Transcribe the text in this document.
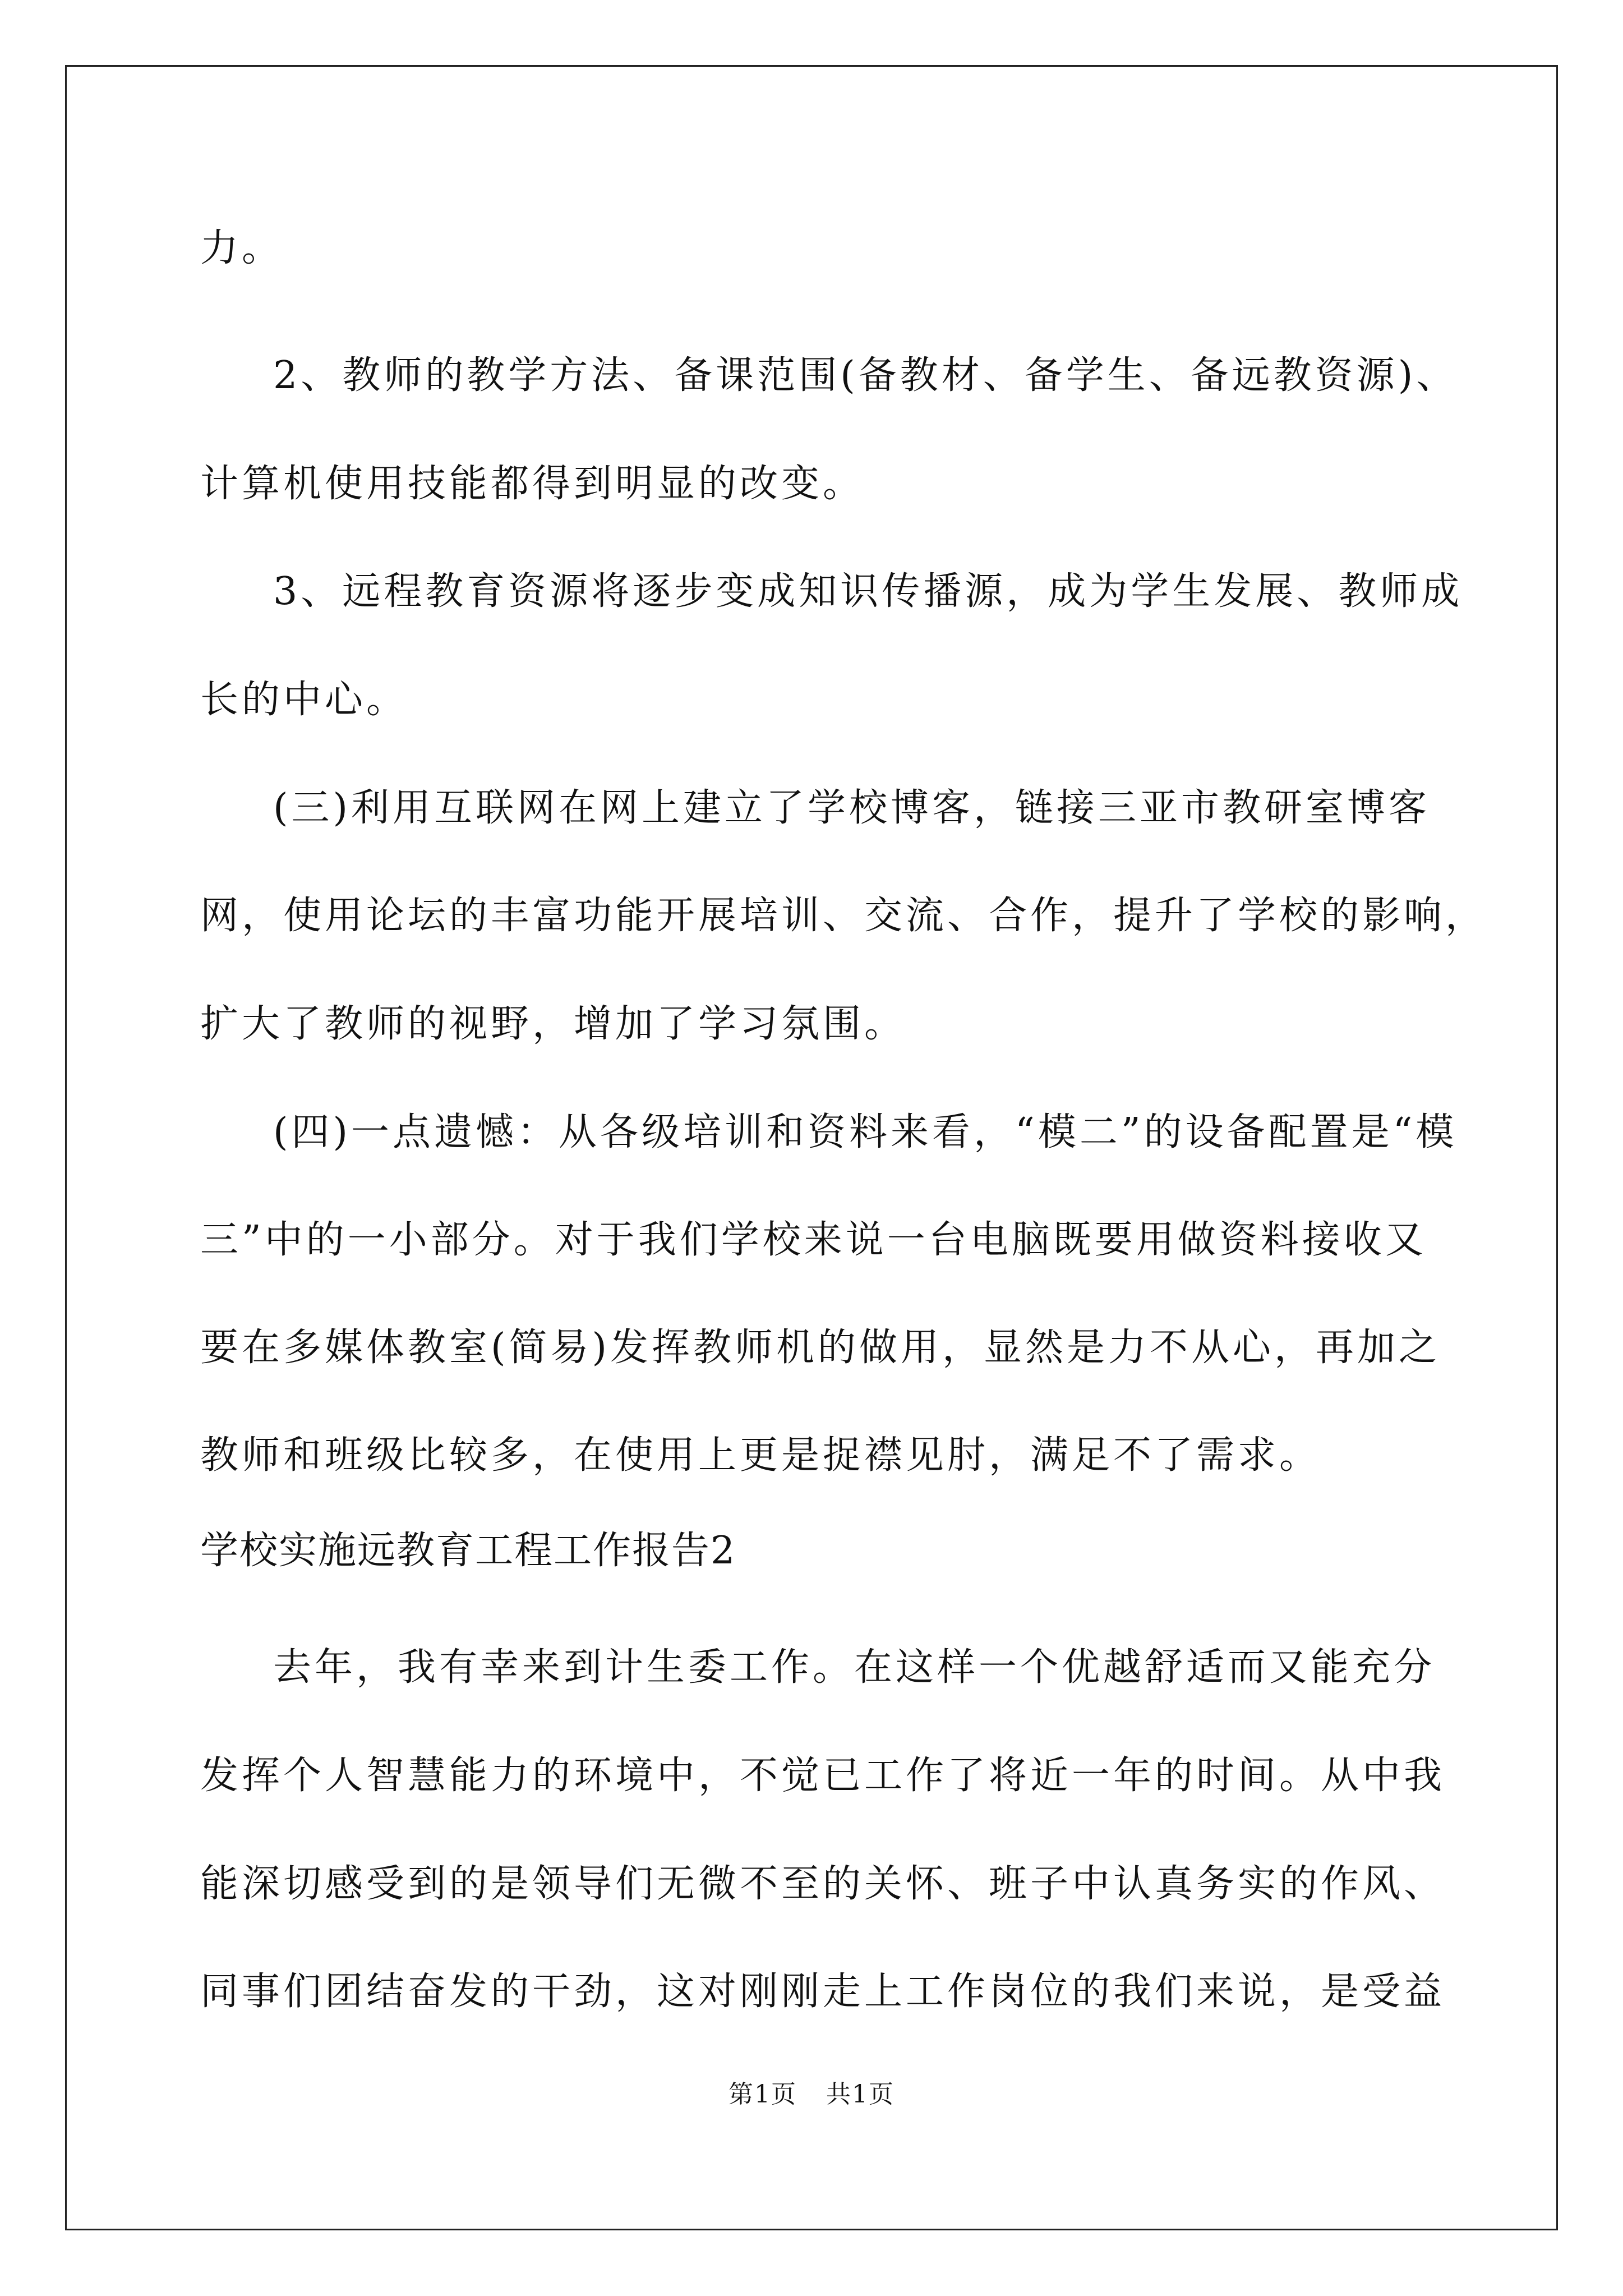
力。
2、教师的教学方法、备课范围(备教材、备学生、备远教资源)、
计算机使用技能都得到明显的改变。
3、远程教育资源将逐步变成知识传播源，成为学生发展、教师成
长的中心。
(三)利用互联网在网上建立了学校博客，链接三亚市教研室博客
网，使用论坛的丰富功能开展培训、交流、合作，提升了学校的影响，
扩大了教师的视野，增加了学习氛围。
(四)一点遗憾：从各级培训和资料来看，“模二”的设备配置是“模
三”中的一小部分。对于我们学校来说一台电脑既要用做资料接收又
要在多媒体教室(简易)发挥教师机的做用，显然是力不从心，再加之
教师和班级比较多，在使用上更是捉襟见肘，满足不了需求。
学校实施远教育工程工作报告2
去年，我有幸来到计生委工作。在这样一个优越舒适而又能充分
发挥个人智慧能力的环境中，不觉已工作了将近一年的时间。从中我
能深切感受到的是领导们无微不至的关怀、班子中认真务实的作风、
同事们团结奋发的干劲，这对刚刚走上工作岗位的我们来说，是受益
第1页 共1页
